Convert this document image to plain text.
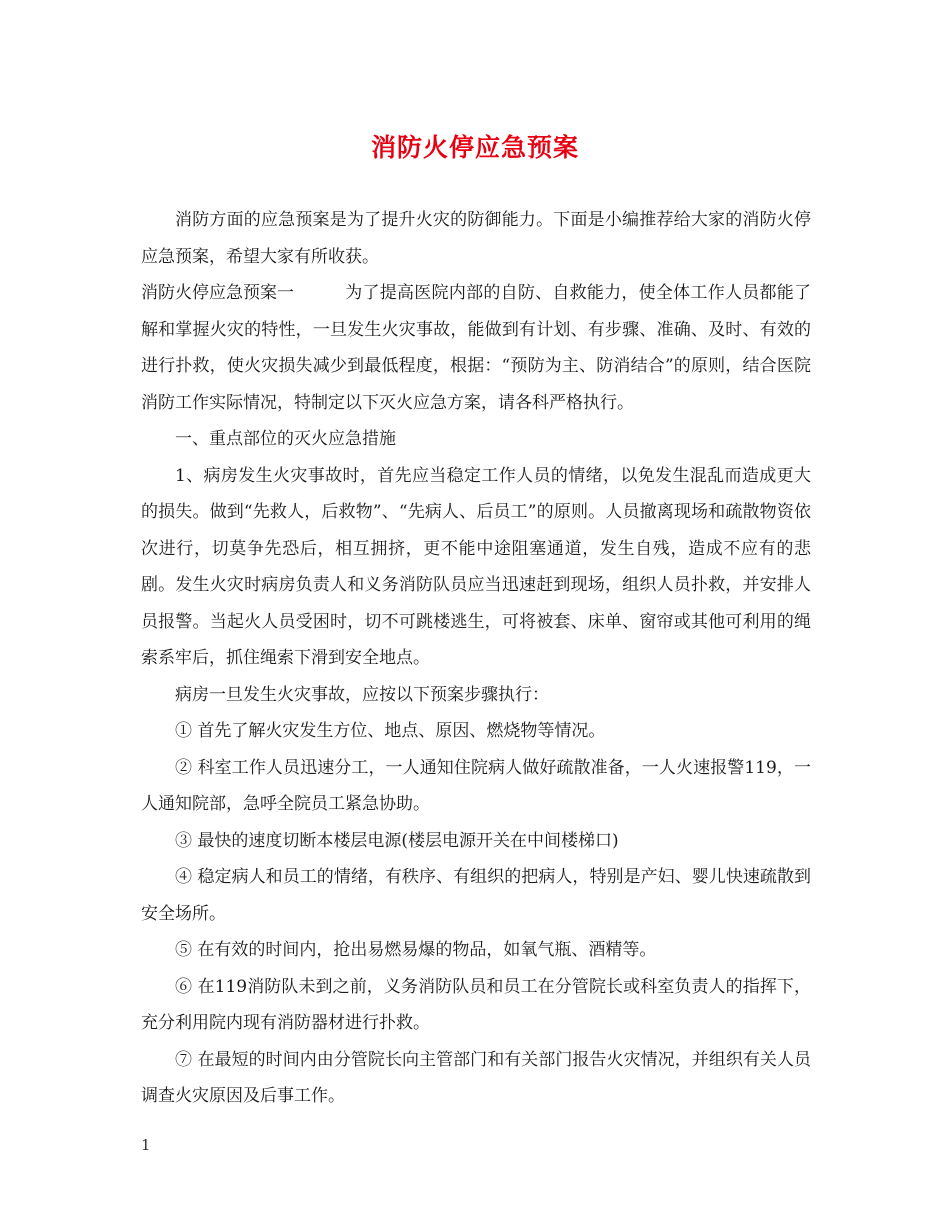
消防火停应急预案

消防方面的应急预案是为了提升火灾的防御能力。下面是小编推荐给大家的消防火停应急预案，希望大家有所收获。

消防火停应急预案一	为了提高医院内部的自防、自救能力，使全体工作人员都能了解和掌握火灾的特性，一旦发生火灾事故，能做到有计划、有步骤、准确、及时、有效的进行扑救，使火灾损失减少到最低程度，根据：“预防为主、防消结合”的原则，结合医院消防工作实际情况，特制定以下灭火应急方案，请各科严格执行。

一、重点部位的灭火应急措施

1、病房发生火灾事故时，首先应当稳定工作人员的情绪，以免发生混乱而造成更大的损失。做到“先救人，后救物”、“先病人、后员工”的原则。人员撤离现场和疏散物资依次进行，切莫争先恐后，相互拥挤，更不能中途阻塞通道，发生自残，造成不应有的悲剧。发生火灾时病房负责人和义务消防队员应当迅速赶到现场，组织人员扑救，并安排人员报警。当起火人员受困时，切不可跳楼逃生，可将被套、床单、窗帘或其他可利用的绳索系牢后，抓住绳索下滑到安全地点。

病房一旦发生火灾事故，应按以下预案步骤执行：

① 首先了解火灾发生方位、地点、原因、燃烧物等情况。

② 科室工作人员迅速分工，一人通知住院病人做好疏散准备，一人火速报警119，一人通知院部，急呼全院员工紧急协助。

③ 最快的速度切断本楼层电源(楼层电源开关在中间楼梯口)

④ 稳定病人和员工的情绪，有秩序、有组织的把病人，特别是产妇、婴儿快速疏散到安全场所。

⑤ 在有效的时间内，抢出易燃易爆的物品，如氧气瓶、酒精等。

⑥ 在119消防队未到之前，义务消防队员和员工在分管院长或科室负责人的指挥下，充分利用院内现有消防器材进行扑救。

⑦ 在最短的时间内由分管院长向主管部门和有关部门报告火灾情况，并组织有关人员调查火灾原因及后事工作。

1
